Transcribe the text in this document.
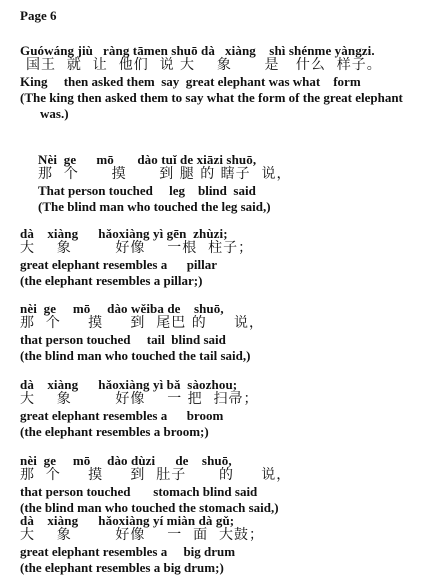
Page 6
Guówáng jiù   ràng tāmen shuō dà   xiàng    shì shénme yàngzi.
国王  就  让  他们  说 大    象      是   什么  样子。
King     then asked them  say  great elephant was what    form
(The king then asked them to say what the form of the great elephant
was.)
Nèi  ge      mō       dào tuǐ de xiāzi shuō,
那  个      摸      到 腿 的 瞎子  说，
That person touched     leg    blind  said
(The blind man who touched the leg said,)
dà    xiàng      hǎoxiàng yì gēn  zhùzi;
大    象        好像    一根  柱子；
great elephant resembles a      pillar
(the elephant resembles a pillar;)
nèi  ge     mō     dào wěiba de    shuō,
那  个     摸     到  尾巴 的     说，
that person touched     tail  blind said
(the blind man who touched the tail said,)
dà    xiàng      hǎoxiàng yì bǎ  sàozhou;
大    象        好像    一 把  扫帚；
great elephant resembles a      broom
(the elephant resembles a broom;)
nèi  ge     mō     dào dùzi      de    shuō,
那  个     摸     到  肚子      的     说，
that person touched       stomach blind said
(the blind man who touched the stomach said,)
dà    xiàng      hǎoxiàng yí miàn dà gǔ;
大    象        好像    一  面  大鼓；
great elephant resembles a     big drum
(the elephant resembles a big drum;)
